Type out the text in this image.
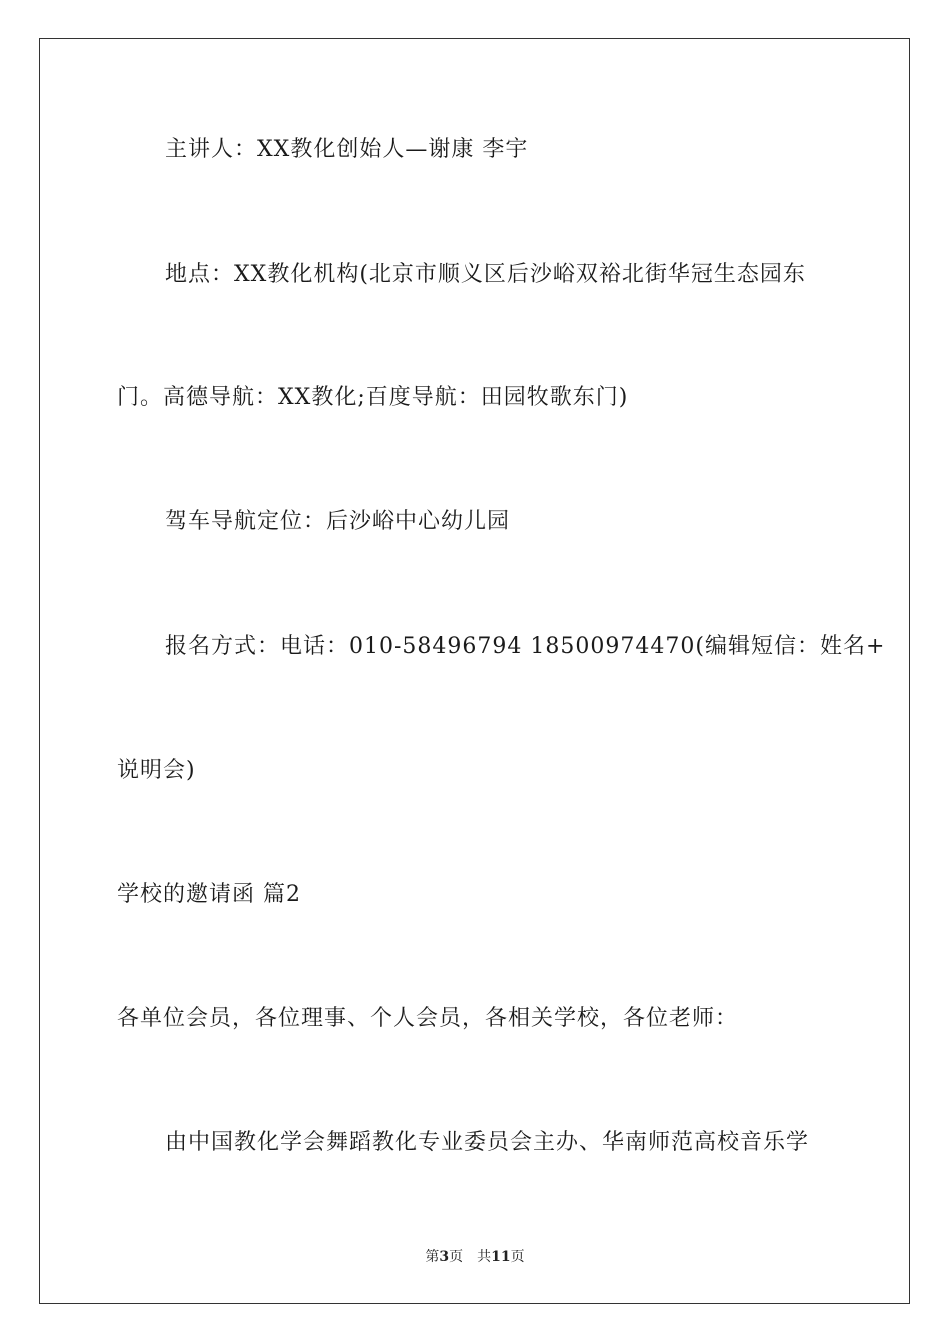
主讲人：XX教化创始人—谢康 李宇
地点：XX教化机构(北京市顺义区后沙峪双裕北街华冠生态园东
门。高德导航：XX教化;百度导航：田园牧歌东门)
驾车导航定位：后沙峪中心幼儿园
报名方式：电话：010-58496794 18500974470(编辑短信：姓名+
说明会)
学校的邀请函 篇2
各单位会员，各位理事、个人会员，各相关学校，各位老师：
由中国教化学会舞蹈教化专业委员会主办、华南师范高校音乐学
第3页 共11页
